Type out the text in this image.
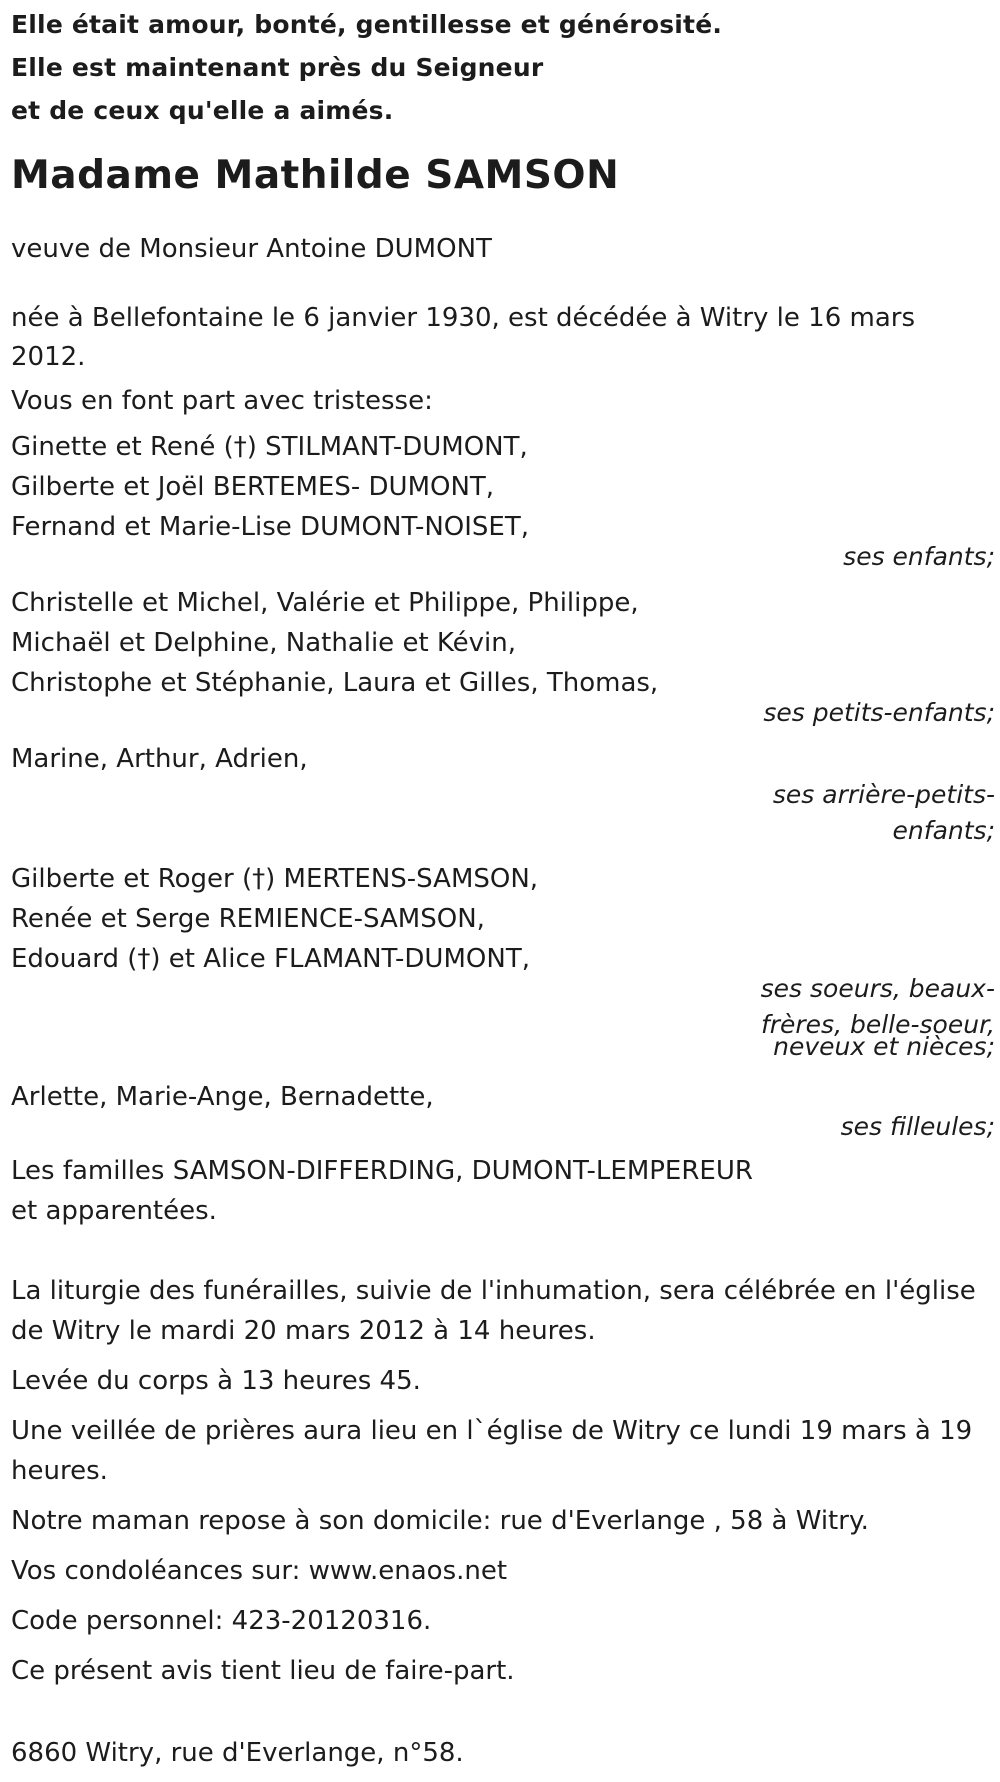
Elle était amour, bonté, gentillesse et générosité.

Elle est maintenant près du Seigneur

et de ceux qu'elle a aimés.

Madame Mathilde SAMSON

veuve de Monsieur Antoine DUMONT

née à Bellefontaine le 6 janvier 1930, est décédée à Witry le 16 mars
2012.

Vous en font part avec tristesse:

Ginette et René (†) STILMANT-DUMONT,

Gilberte et Joël BERTEMES- DUMONT,

Fernand et Marie-Lise DUMONT-NOISET,

ses enfants;

Christelle et Michel, Valérie et Philippe, Philippe,

Michaël et Delphine, Nathalie et Kévin,

Christophe et Stéphanie, Laura et Gilles, Thomas,

ses petits-enfants;

Marine, Arthur, Adrien,

ses arrière-petits-

enfants;

Gilberte et Roger (†) MERTENS-SAMSON,

Renée et Serge REMIENCE-SAMSON,

Edouard (†) et Alice FLAMANT-DUMONT,

ses soeurs, beaux-

frères, belle-soeur,

neveux et nièces;

Arlette, Marie-Ange, Bernadette,

ses filleules;

Les familles SAMSON-DIFFERDING, DUMONT-LEMPEREUR

et apparentées.

La liturgie des funérailles, suivie de l'inhumation, sera célébrée en l'église

de Witry le mardi 20 mars 2012 à 14 heures.

Levée du corps à 13 heures 45.

Une veillée de prières aura lieu en l`église de Witry ce lundi 19 mars à 19

heures.

Notre maman repose à son domicile: rue d'Everlange , 58 à Witry.

Vos condoléances sur: www.enaos.net

Code personnel: 423-20120316.

Ce présent avis tient lieu de faire-part.

6860 Witry, rue d'Everlange, n°58.
